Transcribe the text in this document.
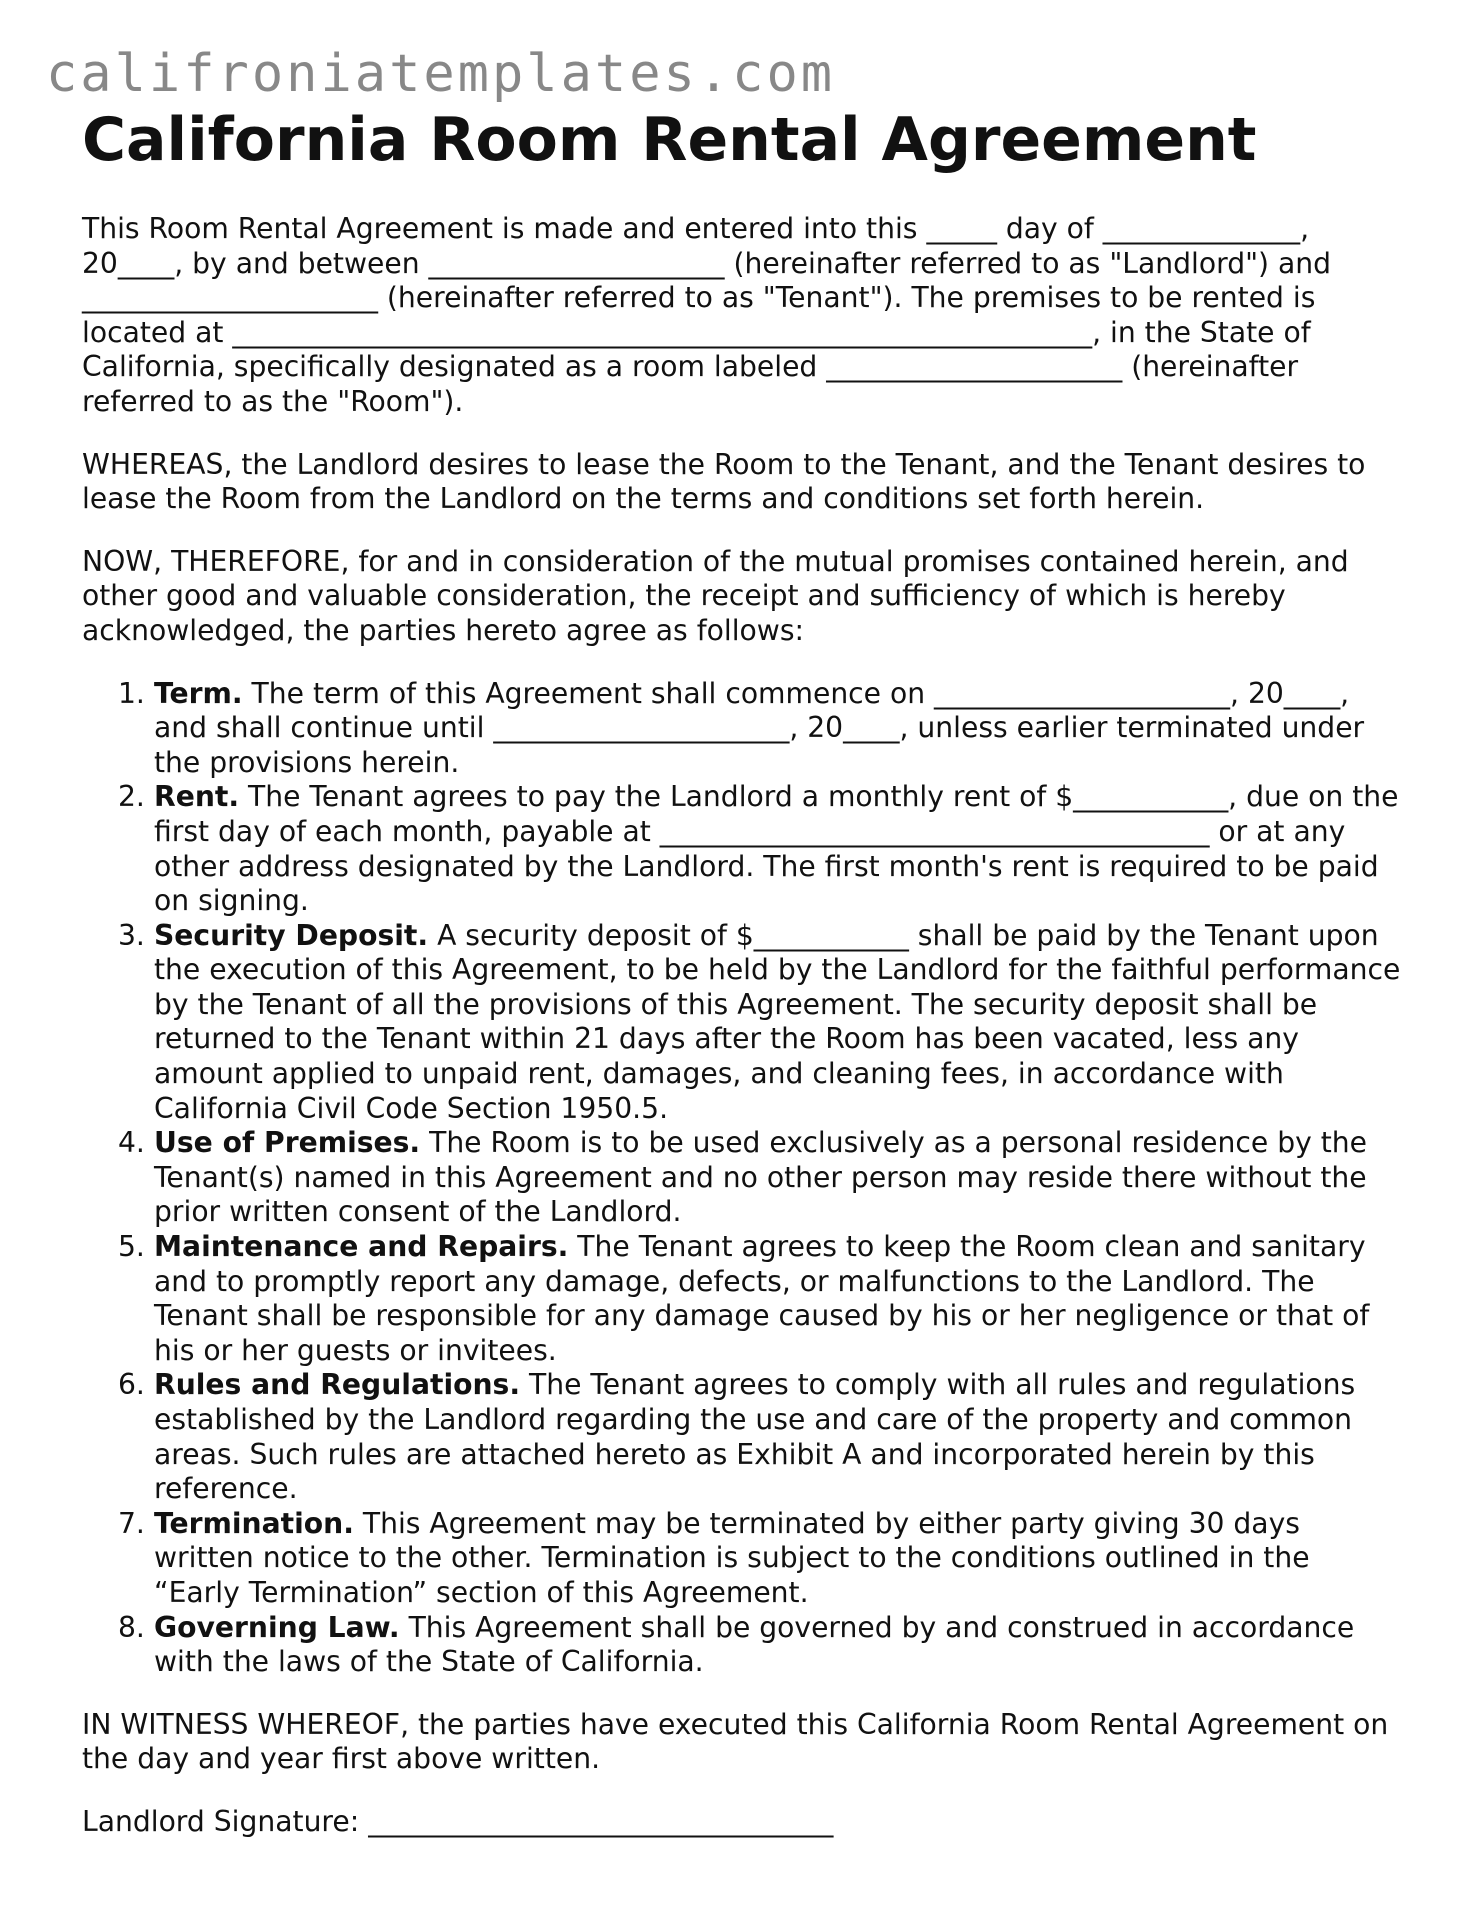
califroniatemplates.com
California Room Rental Agreement

This Room Rental Agreement is made and entered into this _____ day of ______________, 20____, by and between _____________________ (hereinafter referred to as "Landlord") and _____________________ (hereinafter referred to as "Tenant"). The premises to be rented is located at _____________________________________________________________, in the State of California, specifically designated as a room labeled _____________________ (hereinafter referred to as the "Room").

WHEREAS, the Landlord desires to lease the Room to the Tenant, and the Tenant desires to lease the Room from the Landlord on the terms and conditions set forth herein.

NOW, THEREFORE, for and in consideration of the mutual promises contained herein, and other good and valuable consideration, the receipt and sufficiency of which is hereby acknowledged, the parties hereto agree as follows:

1. Term. The term of this Agreement shall commence on _____________________, 20____, and shall continue until _____________________, 20____, unless earlier terminated under the provisions herein.
2. Rent. The Tenant agrees to pay the Landlord a monthly rent of $___________, due on the first day of each month, payable at _______________________________________ or at any other address designated by the Landlord. The first month's rent is required to be paid on signing.
3. Security Deposit. A security deposit of $___________ shall be paid by the Tenant upon the execution of this Agreement, to be held by the Landlord for the faithful performance by the Tenant of all the provisions of this Agreement. The security deposit shall be returned to the Tenant within 21 days after the Room has been vacated, less any amount applied to unpaid rent, damages, and cleaning fees, in accordance with California Civil Code Section 1950.5.
4. Use of Premises. The Room is to be used exclusively as a personal residence by the Tenant(s) named in this Agreement and no other person may reside there without the prior written consent of the Landlord.
5. Maintenance and Repairs. The Tenant agrees to keep the Room clean and sanitary and to promptly report any damage, defects, or malfunctions to the Landlord. The Tenant shall be responsible for any damage caused by his or her negligence or that of his or her guests or invitees.
6. Rules and Regulations. The Tenant agrees to comply with all rules and regulations established by the Landlord regarding the use and care of the property and common areas. Such rules are attached hereto as Exhibit A and incorporated herein by this reference.
7. Termination. This Agreement may be terminated by either party giving 30 days written notice to the other. Termination is subject to the conditions outlined in the “Early Termination” section of this Agreement.
8. Governing Law. This Agreement shall be governed by and construed in accordance with the laws of the State of California.

IN WITNESS WHEREOF, the parties have executed this California Room Rental Agreement on the day and year first above written.

Landlord Signature: _________________________________
